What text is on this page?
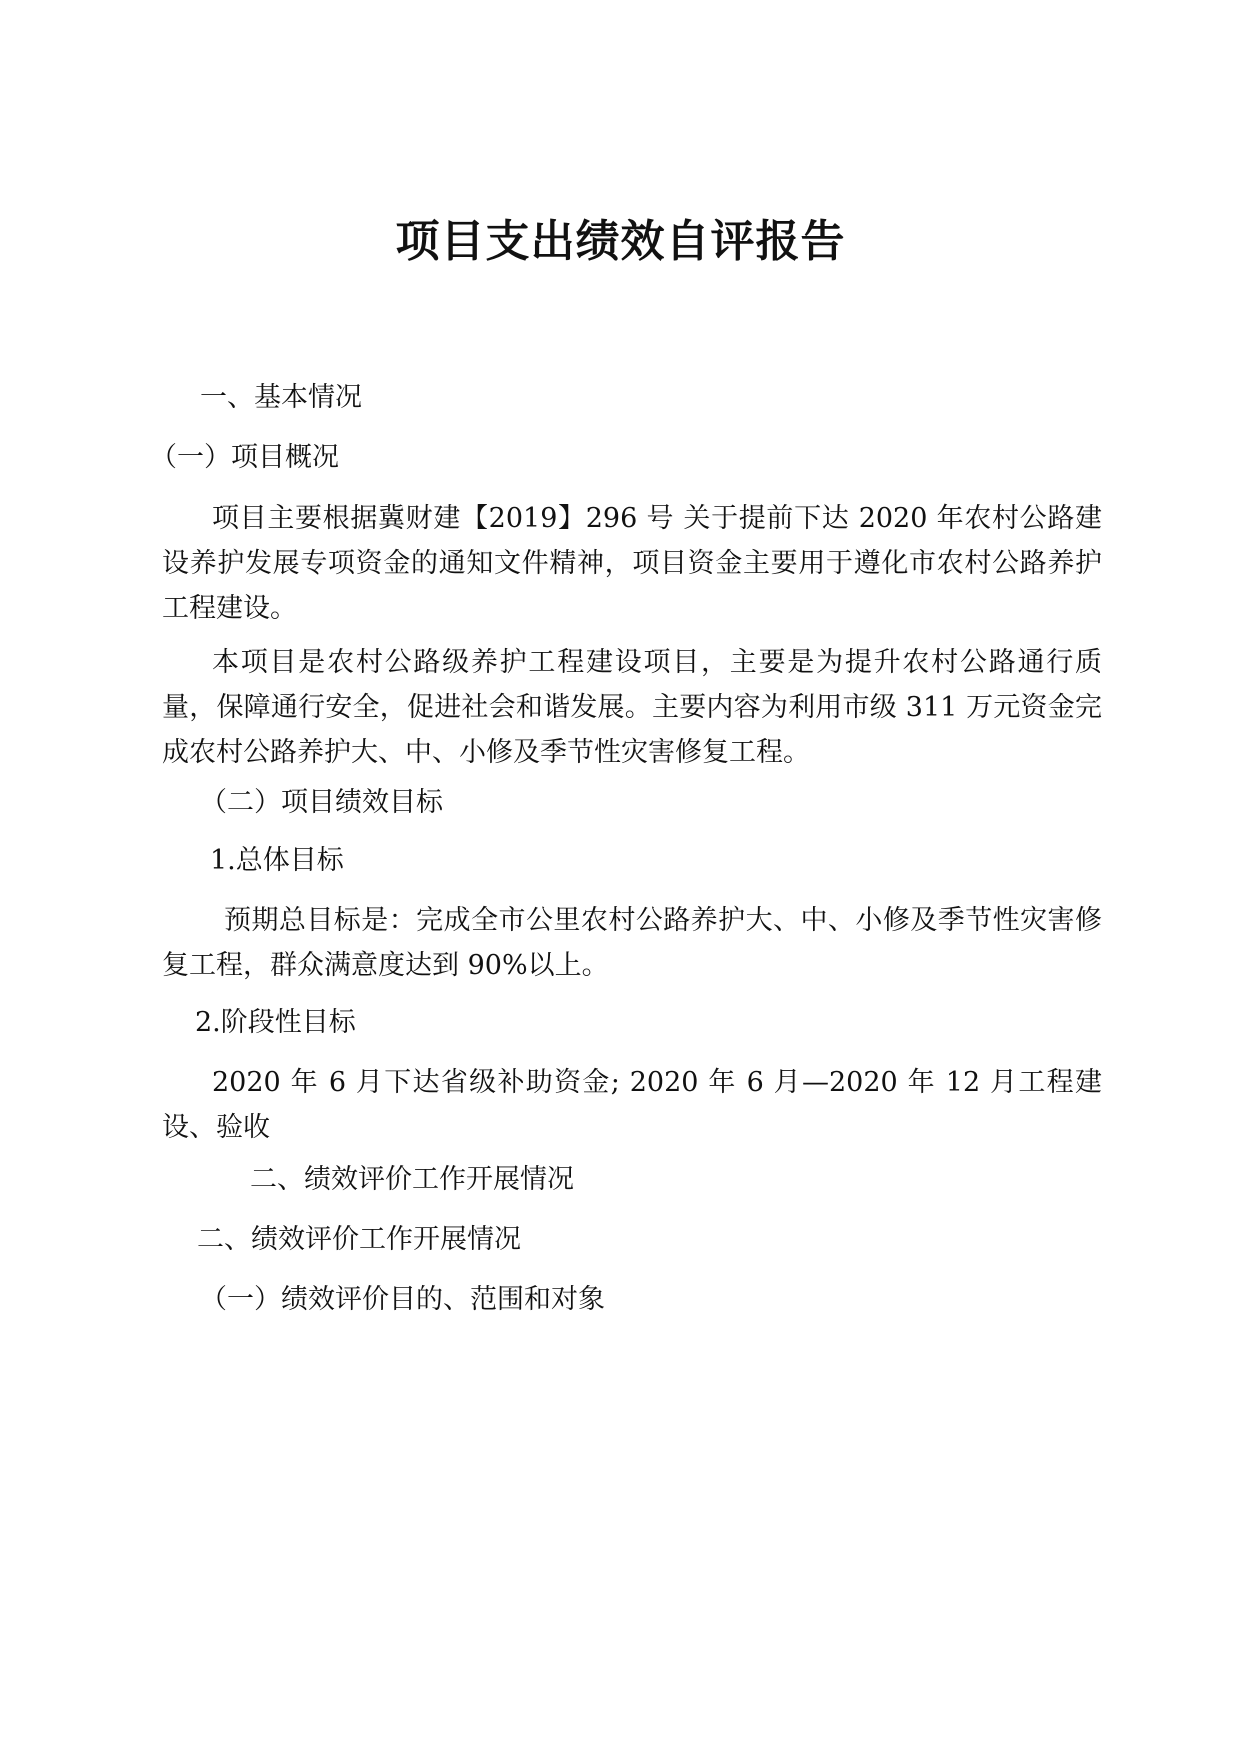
项目支出绩效自评报告
一、基本情况
（一）项目概况
项目主要根据冀财建【2019】296 号 关于提前下达 2020 年农村公路建设养护发展专项资金的通知文件精神，项目资金主要用于遵化市农村公路养护工程建设。
本项目是农村公路级养护工程建设项目，主要是为提升农村公路通行质量，保障通行安全，促进社会和谐发展。主要内容为利用市级 311 万元资金完成农村公路养护大、中、小修及季节性灾害修复工程。
（二）项目绩效目标
1.总体目标
预期总目标是：完成全市公里农村公路养护大、中、小修及季节性灾害修复工程，群众满意度达到 90%以上。
2.阶段性目标
2020 年 6 月下达省级补助资金; 2020 年 6 月—2020 年 12 月工程建设、验收
二、绩效评价工作开展情况
二、绩效评价工作开展情况
（一）绩效评价目的、范围和对象
